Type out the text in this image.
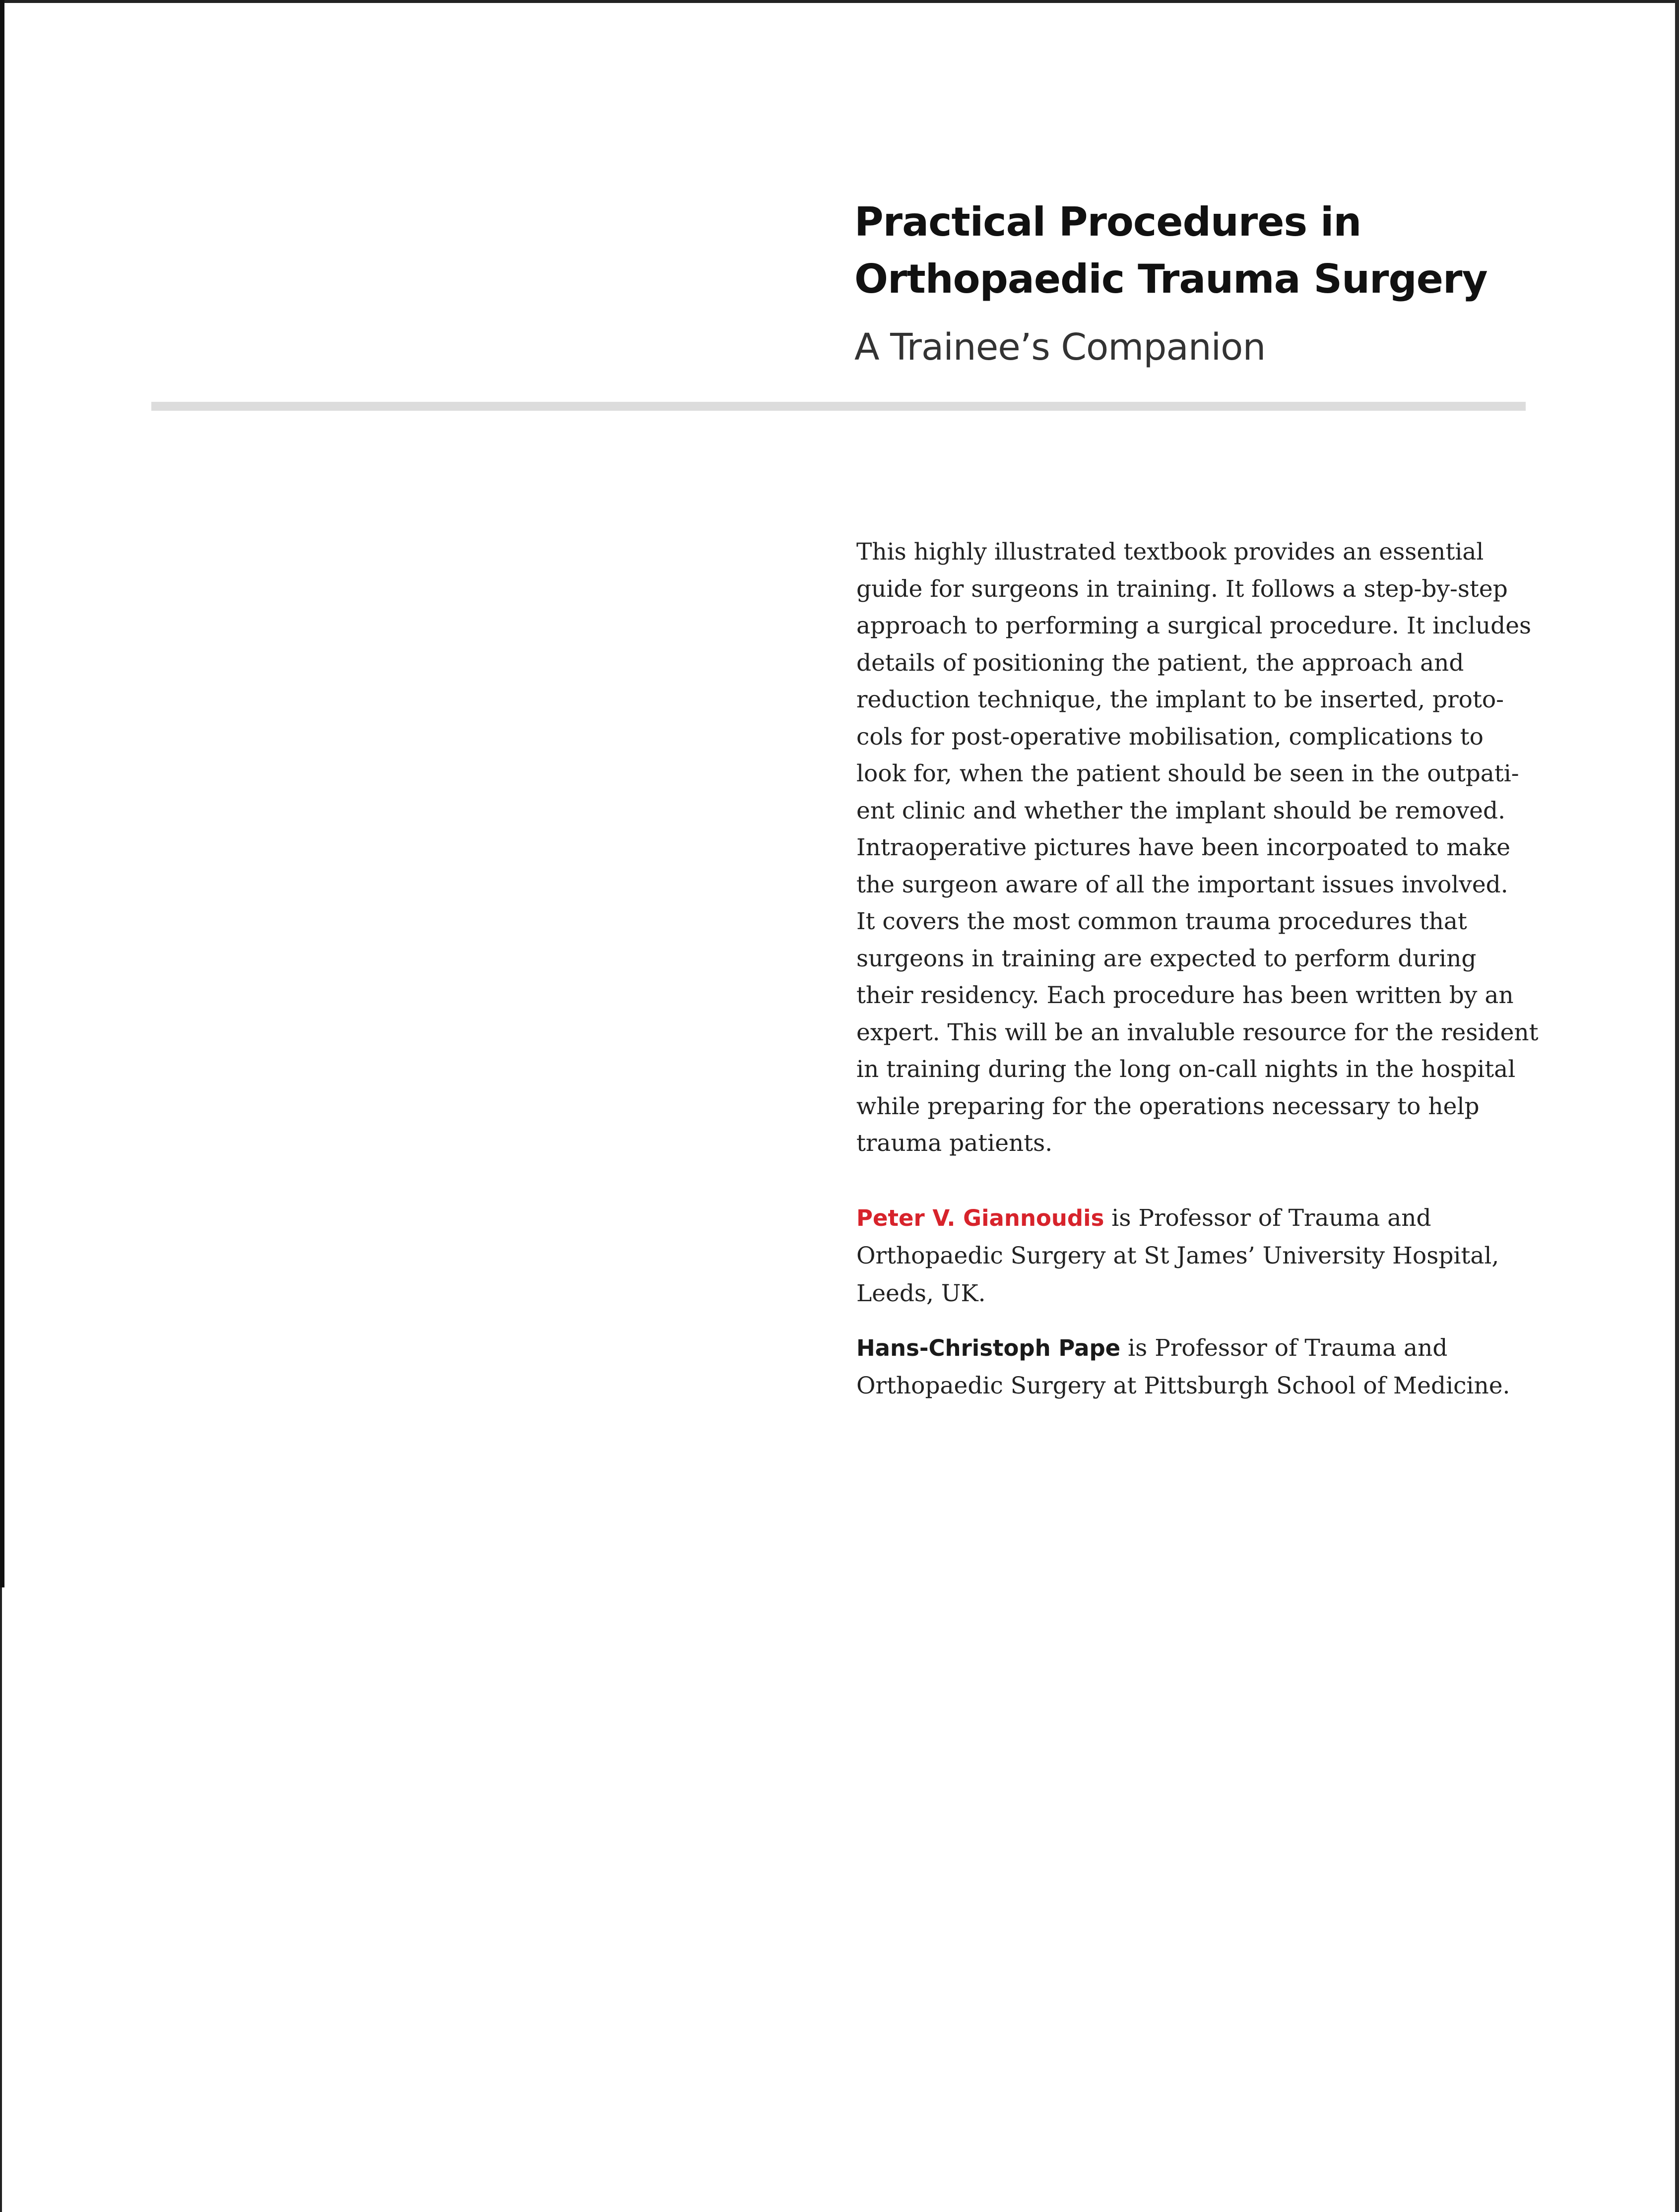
Practical Procedures in
Orthopaedic Trauma Surgery
A Trainee’s Companion

This highly illustrated textbook provides an essential
guide for surgeons in training. It follows a step-by-step
approach to performing a surgical procedure. It includes
details of positioning the patient, the approach and
reduction technique, the implant to be inserted, proto-
cols for post-operative mobilisation, complications to
look for, when the patient should be seen in the outpati-
ent clinic and whether the implant should be removed.
Intraoperative pictures have been incorpoated to make
the surgeon aware of all the important issues involved.
It covers the most common trauma procedures that
surgeons in training are expected to perform during
their residency. Each procedure has been written by an
expert. This will be an invaluble resource for the resident
in training during the long on-call nights in the hospital
while preparing for the operations necessary to help
trauma patients.

Peter V. Giannoudis is Professor of Trauma and
Orthopaedic Surgery at St James’ University Hospital,
Leeds, UK.

Hans-Christoph Pape is Professor of Trauma and
Orthopaedic Surgery at Pittsburgh School of Medicine.
